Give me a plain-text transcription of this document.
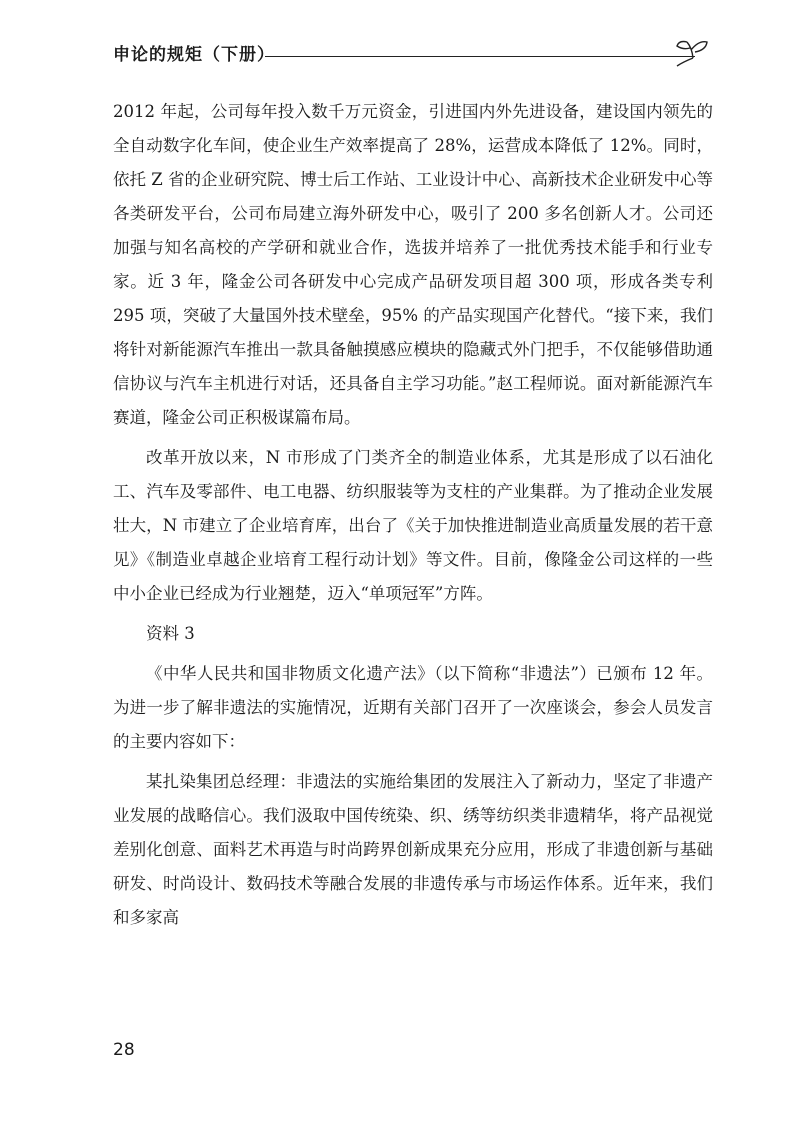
申论的规矩（下册）

2012 年起，公司每年投入数千万元资金，引进国内外先进设备，建设国内领先的全自动数字化车间，使企业生产效率提高了 28%，运营成本降低了 12%。同时，依托 Z 省的企业研究院、博士后工作站、工业设计中心、高新技术企业研发中心等各类研发平台，公司布局建立海外研发中心，吸引了 200 多名创新人才。公司还加强与知名高校的产学研和就业合作，选拔并培养了一批优秀技术能手和行业专家。近 3 年，隆金公司各研发中心完成产品研发项目超 300 项，形成各类专利 295 项，突破了大量国外技术壁垒，95% 的产品实现国产化替代。“接下来，我们将针对新能源汽车推出一款具备触摸感应模块的隐藏式外门把手，不仅能够借助通信协议与汽车主机进行对话，还具备自主学习功能。”赵工程师说。面对新能源汽车赛道，隆金公司正积极谋篇布局。

改革开放以来，N 市形成了门类齐全的制造业体系，尤其是形成了以石油化工、汽车及零部件、电工电器、纺织服装等为支柱的产业集群。为了推动企业发展壮大，N 市建立了企业培育库，出台了《关于加快推进制造业高质量发展的若干意见》《制造业卓越企业培育工程行动计划》等文件。目前，像隆金公司这样的一些中小企业已经成为行业翘楚，迈入“单项冠军”方阵。

资料 3

《中华人民共和国非物质文化遗产法》（以下简称“非遗法”）已颁布 12 年。为进一步了解非遗法的实施情况，近期有关部门召开了一次座谈会，参会人员发言的主要内容如下：

某扎染集团总经理：非遗法的实施给集团的发展注入了新动力，坚定了非遗产业发展的战略信心。我们汲取中国传统染、织、绣等纺织类非遗精华，将产品视觉差别化创意、面料艺术再造与时尚跨界创新成果充分应用，形成了非遗创新与基础研发、时尚设计、数码技术等融合发展的非遗传承与市场运作体系。近年来，我们和多家高

28
